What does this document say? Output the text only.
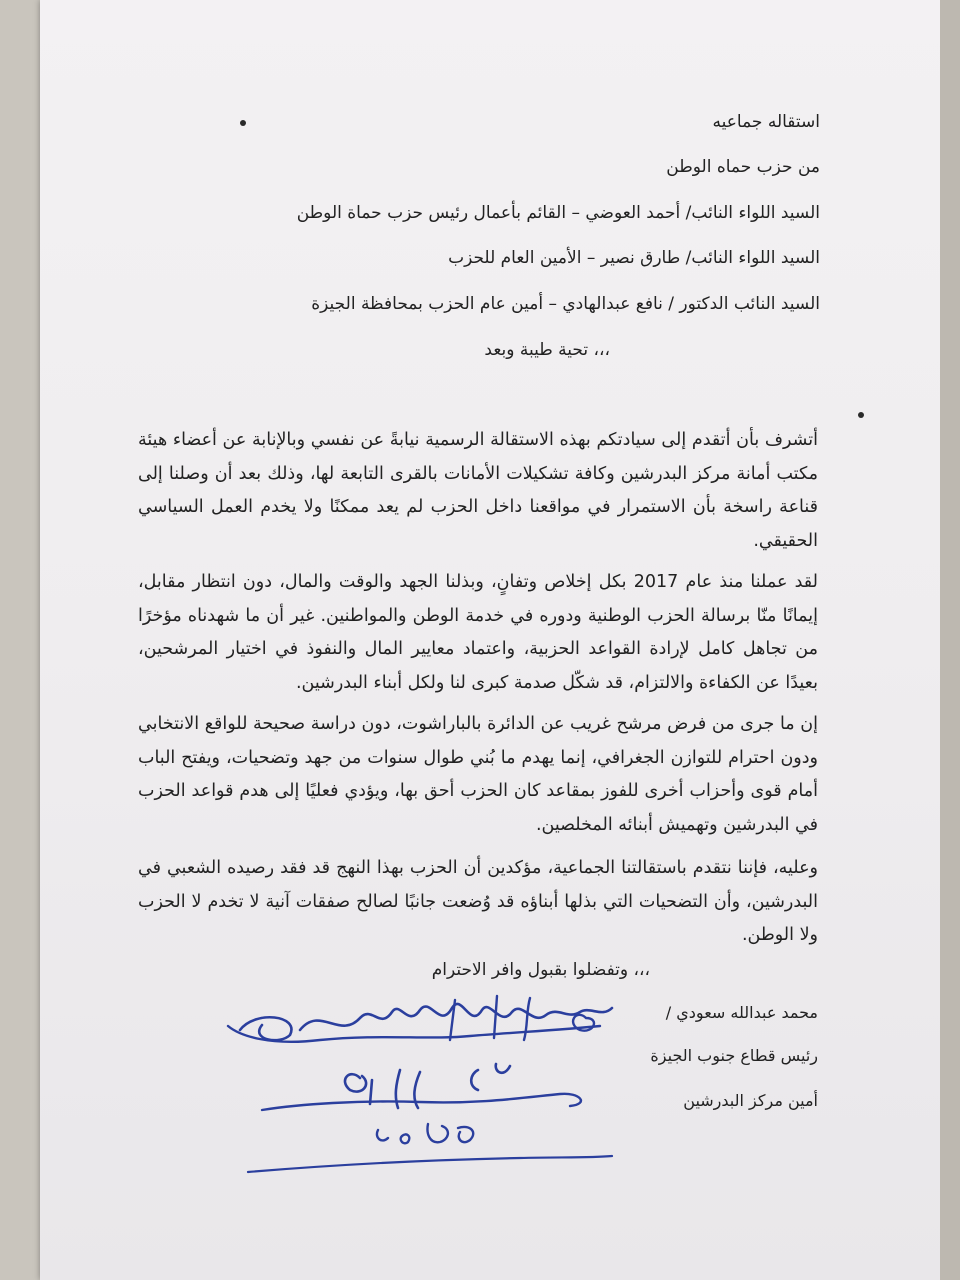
استقاله جماعيه
من حزب حماه الوطن
السيد اللواء النائب/ أحمد العوضي – القائم بأعمال رئيس حزب حماة الوطن
السيد اللواء النائب/ طارق نصير – الأمين العام للحزب
السيد النائب الدكتور / نافع عبدالهادي – أمين عام الحزب بمحافظة الجيزة
،،، تحية طيبة وبعد
أتشرف بأن أتقدم إلى سيادتكم بهذه الاستقالة الرسمية نيابةً عن نفسي وبالإنابة عن أعضاء هيئة مكتب أمانة مركز البدرشين وكافة تشكيلات الأمانات بالقرى التابعة لها، وذلك بعد أن وصلنا إلى قناعة راسخة بأن الاستمرار في مواقعنا داخل الحزب لم يعد ممكنًا ولا يخدم العمل السياسي الحقيقي.
لقد عملنا منذ عام 2017 بكل إخلاص وتفانٍ، وبذلنا الجهد والوقت والمال، دون انتظار مقابل، إيمانًا منّا برسالة الحزب الوطنية ودوره في خدمة الوطن والمواطنين. غير أن ما شهدناه مؤخرًا من تجاهل كامل لإرادة القواعد الحزبية، واعتماد معايير المال والنفوذ في اختيار المرشحين، بعيدًا عن الكفاءة والالتزام، قد شكّل صدمة كبرى لنا ولكل أبناء البدرشين.
إن ما جرى من فرض مرشح غريب عن الدائرة بالباراشوت، دون دراسة صحيحة للواقع الانتخابي ودون احترام للتوازن الجغرافي، إنما يهدم ما بُني طوال سنوات من جهد وتضحيات، ويفتح الباب أمام قوى وأحزاب أخرى للفوز بمقاعد كان الحزب أحق بها، ويؤدي فعليًا إلى هدم قواعد الحزب في البدرشين وتهميش أبنائه المخلصين.
وعليه، فإننا نتقدم باستقالتنا الجماعية، مؤكدين أن الحزب بهذا النهج قد فقد رصيده الشعبي في البدرشين، وأن التضحيات التي بذلها أبناؤه قد وُضعت جانبًا لصالح صفقات آنية لا تخدم لا الحزب ولا الوطن.
،،، وتفضلوا بقبول وافر الاحترام
محمد عبدالله سعودي /
رئيس قطاع جنوب الجيزة
أمين مركز البدرشين
